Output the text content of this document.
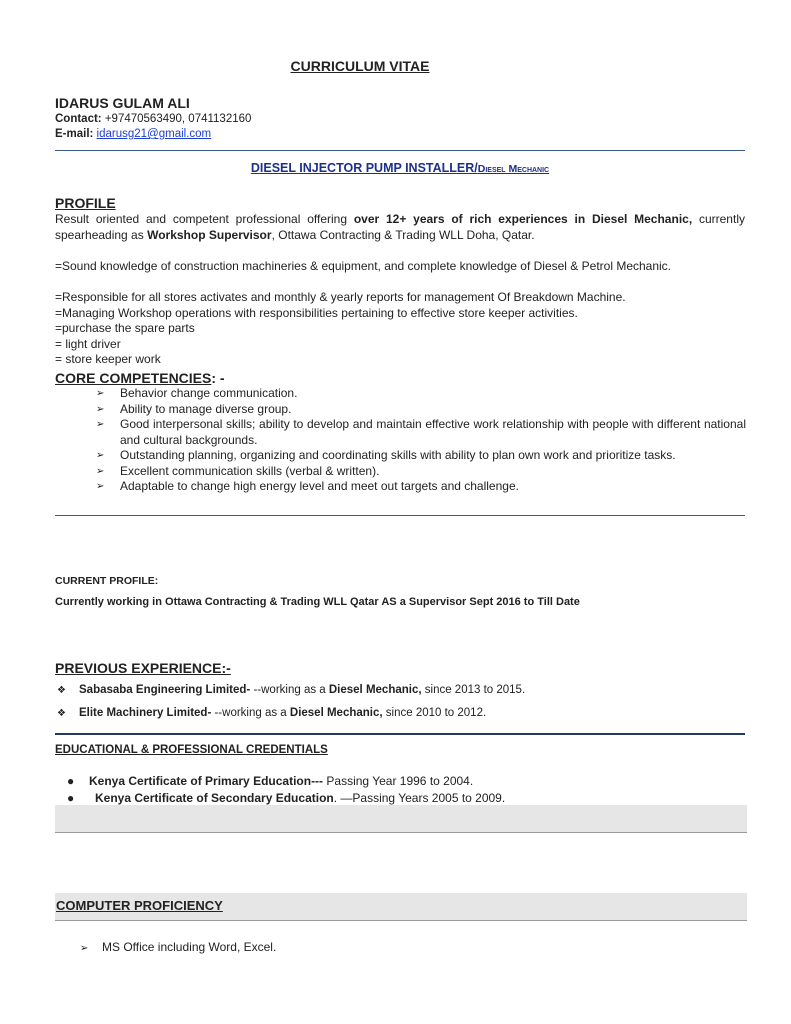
CURRICULUM VITAE
IDARUS GULAM ALI
Contact: +97470563490, 0741132160
E-mail: idarusg21@gmail.com
DIESEL INJECTOR PUMP INSTALLER/Diesel Mechanic
PROFILE
Result oriented and competent professional offering over 12+ years of rich experiences in Diesel Mechanic, currently spearheading as Workshop Supervisor, Ottawa Contracting & Trading WLL Doha, Qatar.
=Sound knowledge of construction machineries & equipment, and complete knowledge of Diesel & Petrol Mechanic.
=Responsible for all stores activates and monthly & yearly reports for management Of Breakdown Machine.
=Managing Workshop operations with responsibilities pertaining to effective store keeper activities.
=purchase the spare parts
= light driver
= store keeper work
CORE COMPETENCIES: -
➢ Behavior change communication.
➢ Ability to manage diverse group.
➢ Good interpersonal skills; ability to develop and maintain effective work relationship with people with different national and cultural backgrounds.
➢ Outstanding planning, organizing and coordinating skills with ability to plan own work and prioritize tasks.
➢ Excellent communication skills (verbal & written).
➢ Adaptable to change high energy level and meet out targets and challenge.
CURRENT PROFILE:
Currently working in Ottawa Contracting & Trading WLL Qatar AS a Supervisor Sept 2016 to Till Date
PREVIOUS EXPERIENCE:-
❖ Sabasaba Engineering Limited- --working as a Diesel Mechanic, since 2013 to 2015.
❖ Elite Machinery Limited- --working as a Diesel Mechanic, since 2010 to 2012.
EDUCATIONAL & PROFESSIONAL CREDENTIALS
● Kenya Certificate of Primary Education--- Passing Year 1996 to 2004.
● Kenya Certificate of Secondary Education. —Passing Years 2005 to 2009.
COMPUTER PROFICIENCY
➢ MS Office including Word, Excel.
